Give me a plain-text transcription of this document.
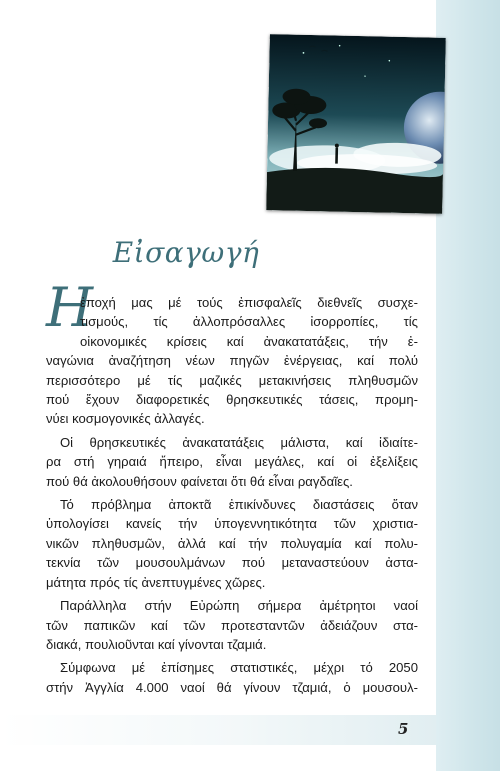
Εἰσαγωγή
Η
ἐποχή μας μέ τούς ἐπισφαλεῖς διεθνεῖς συσχε-
τισμούς, τίς ἀλλοπρόσαλλες ἰσορροπίες, τίς
οἰκονομικές κρίσεις καί ἀνακατατάξεις, τήν ἐ-
ναγώνια ἀναζήτηση νέων πηγῶν ἐνέργειας, καί πολύ
περισσότερο μέ τίς μαζικές μετακινήσεις πληθυσμῶν
πού ἔχουν διαφορετικές θρησκευτικές τάσεις, προμη-
νύει κοσμογονικές ἀλλαγές.
Οἱ θρησκευτικές ἀνακατατάξεις μάλιστα, καί ἰδιαίτε-
ρα στή γηραιά ἤπειρο, εἶναι μεγάλες, καί οἱ ἐξελίξεις
πού θά ἀκολουθήσουν φαίνεται ὅτι θά εἶναι ραγδαῖες.
Τό πρόβλημα ἀποκτᾶ ἐπικίνδυνες διαστάσεις ὅταν
ὑπολογίσει κανείς τήν ὑπογεννητικότητα τῶν χριστια-
νικῶν πληθυσμῶν, ἀλλά καί τήν πολυγαμία καί πολυ-
τεκνία τῶν μουσουλμάνων πού μεταναστεύουν ἀστα-
μάτητα πρός τίς ἀνεπτυγμένες χῶρες.
Παράλληλα στήν Εὐρώπη σήμερα ἀμέτρητοι ναοί
τῶν παπικῶν καί τῶν προτεσταντῶν ἀδειάζουν στα-
διακά, πουλιοῦνται καί γίνονται τζαμιά.
Σύμφωνα μέ ἐπίσημες στατιστικές, μέχρι τό 2050
στήν Ἀγγλία 4.000 ναοί θά γίνουν τζαμιά, ὁ μουσουλ-
5
